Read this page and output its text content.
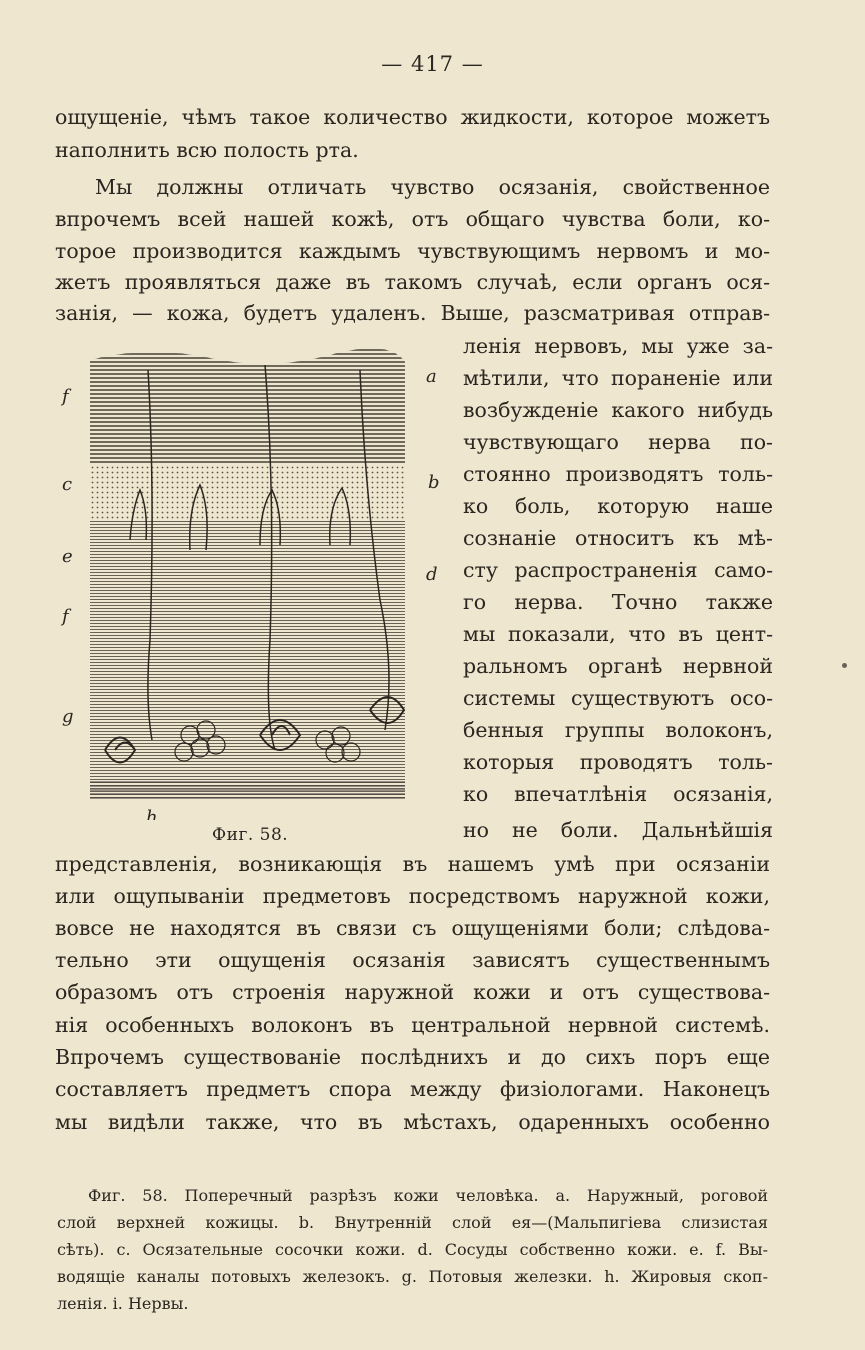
— 417 —
ощущеніе, чѣмъ такое количество жидкости, которое можетъ
наполнить всю полость рта.
Мы должны отличать чувство осязанія, свойственное
впрочемъ всей нашей кожѣ, отъ общаго чувства боли, ко-
торое производится каждымъ чувствующимъ нервомъ и мо-
жетъ проявляться даже въ такомъ случаѣ, если органъ ося-
занія, — кожа, будетъ удаленъ. Выше, разсматривая отправ-
ленія нервовъ, мы уже за-
мѣтили, что пораненіе или
возбужденіе какого нибудь
чувствующаго нерва по-
стоянно производятъ толь-
ко боль, которую наше
сознаніе относитъ къ мѣ-
сту распространенія само-
го нерва. Точно также
мы показали, что въ цент-
ральномъ органѣ нервной
системы существуютъ осо-
бенныя группы волоконъ,
которыя проводятъ толь-
ко впечатлѣнія осязанія,
но не боли. Дальнѣйшія
a
f
c	b
e
d
f
g
h
Фиг. 58.
представленія, возникающія въ нашемъ умѣ при осязаніи
или ощупываніи предметовъ посредствомъ наружной кожи,
вовсе не находятся въ связи съ ощущеніями боли; слѣдова-
тельно эти ощущенія осязанія зависятъ существеннымъ
образомъ отъ строенія наружной кожи и отъ существова-
нія особенныхъ волоконъ въ центральной нервной системѣ.
Впрочемъ существованіе послѣднихъ и до сихъ поръ еще
составляетъ предметъ спора между физіологами. Наконецъ
мы видѣли также, что въ мѣстахъ, одаренныхъ особенно
Фиг. 58. Поперечный разрѣзъ кожи человѣка. a. Наружный, роговой
слой верхней кожицы. b. Внутренній слой ея—(Мальпигіева слизистая
сѣть). c. Осязательные сосочки кожи. d. Сосуды собственно кожи. e. f. Вы-
водящіе каналы потовыхъ железокъ. g. Потовыя железки. h. Жировыя скоп-
ленія. i. Нервы.
